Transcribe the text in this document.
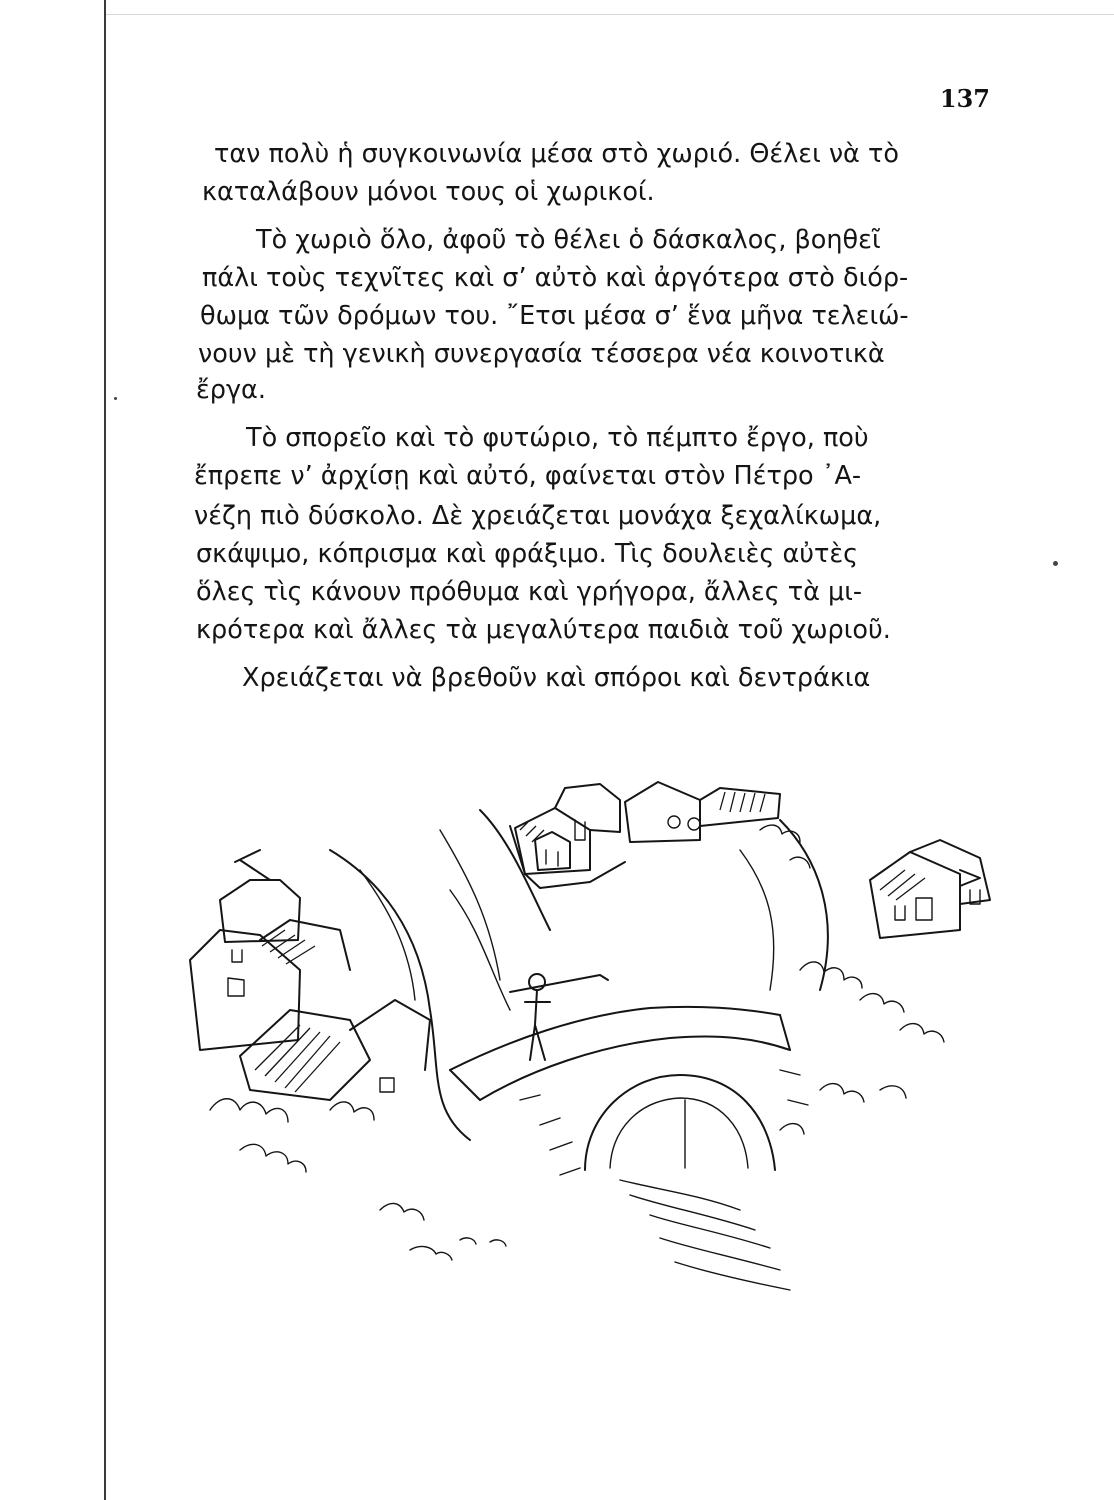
137
ταν πολὺ ἡ συγκοινωνία μέσα στὸ χωριό. Θέλει νὰ τὸ
καταλάβουν μόνοι τους οἱ χωρικοί.
Τὸ χωριὸ ὅλο, ἀφοῦ τὸ θέλει ὁ δάσκαλος, βοηθεῖ
πάλι τοὺς τεχνῖτες καὶ σ’ αὐτὸ καὶ ἀργότερα στὸ διόρ-
θωμα τῶν δρόμων του. ῎Ετσι μέσα σ’ ἕνα μῆνα τελειώ-
νουν μὲ τὴ γενικὴ συνεργασία τέσσερα νέα κοινοτικὰ
ἔργα.
Τὸ σπορεῖο καὶ τὸ φυτώριο, τὸ πέμπτο ἔργο, ποὺ
ἔπρεπε ν’ ἀρχίσῃ καὶ αὐτό, φαίνεται στὸν Πέτρο ᾿Α-
νέζη πιὸ δύσκολο. Δὲ χρειάζεται μονάχα ξεχαλίκωμα,
σκάψιμο, κόπρισμα καὶ φράξιμο. Τὶς δουλειὲς αὐτὲς
ὅλες τὶς κάνουν πρόθυμα καὶ γρήγορα, ἄλλες τὰ μι-
κρότερα καὶ ἄλλες τὰ μεγαλύτερα παιδιὰ τοῦ χωριοῦ.
Χρειάζεται νὰ βρεθοῦν καὶ σπόροι καὶ δεντράκια
